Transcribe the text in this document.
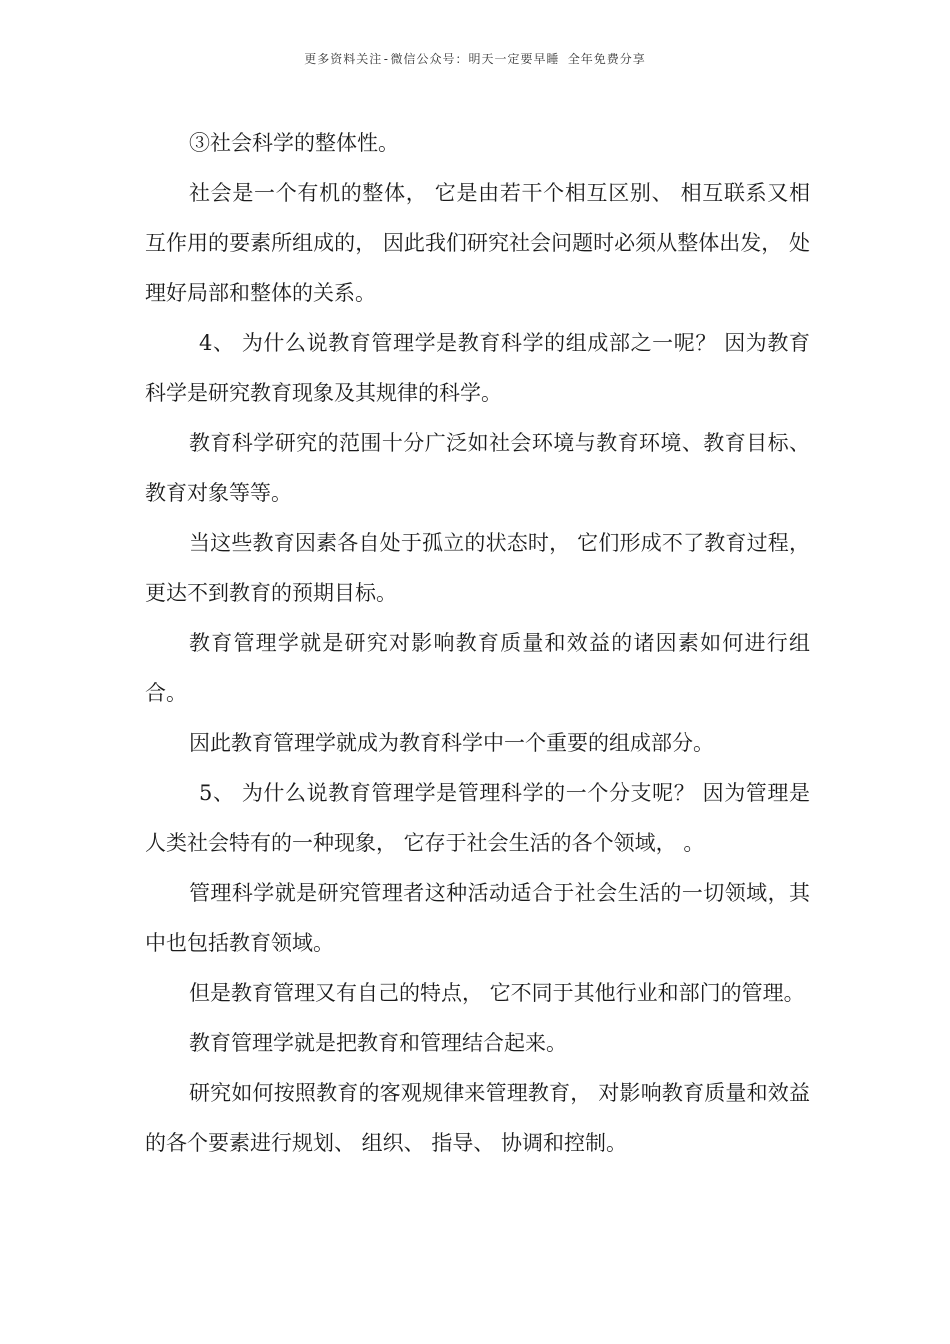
更多资料关注-微信公众号：明天一定要早睡 全年免费分享

③社会科学的整体性。

社会是一个有机的整体， 它是由若干个相互区别、 相互联系又相互作用的要素所组成的， 因此我们研究社会问题时必须从整体出发， 处理好局部和整体的关系。

4、 为什么说教育管理学是教育科学的组成部之一呢？ 因为教育科学是研究教育现象及其规律的科学。

教育科学研究的范围十分广泛如社会环境与教育环境、教育目标、 教育对象等等。

当这些教育因素各自处于孤立的状态时， 它们形成不了教育过程， 更达不到教育的预期目标。

教育管理学就是研究对影响教育质量和效益的诸因素如何进行组合。

因此教育管理学就成为教育科学中一个重要的组成部分。

5、 为什么说教育管理学是管理科学的一个分支呢？ 因为管理是人类社会特有的一种现象， 它存于社会生活的各个领域， 。

管理科学就是研究管理者这种活动适合于社会生活的一切领域，其中也包括教育领域。

但是教育管理又有自己的特点， 它不同于其他行业和部门的管理。

教育管理学就是把教育和管理结合起来。

研究如何按照教育的客观规律来管理教育， 对影响教育质量和效益的各个要素进行规划、 组织、 指导、 协调和控制。
